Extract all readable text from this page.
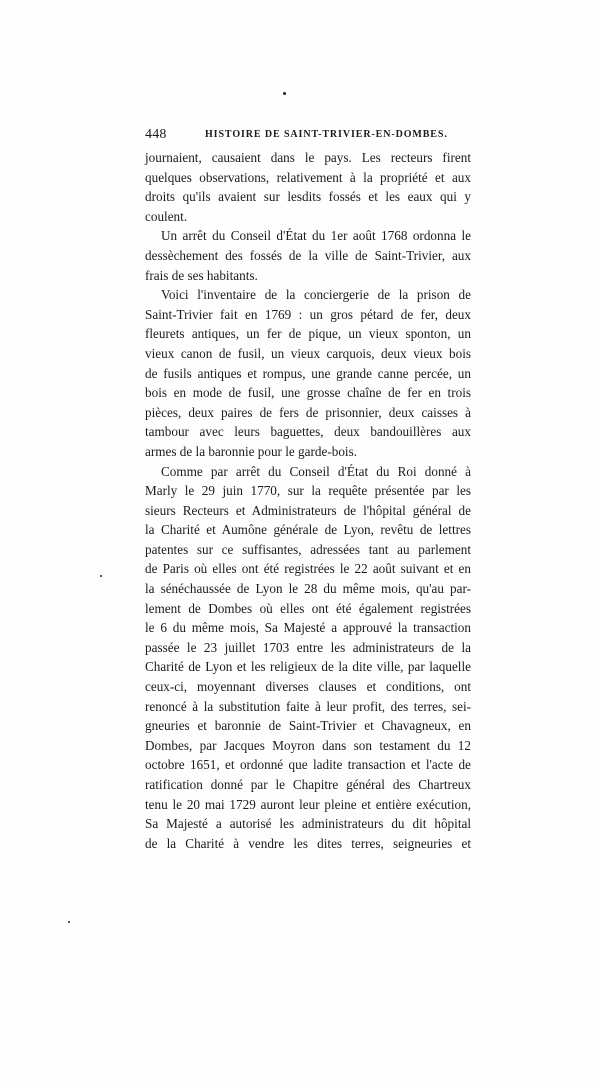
448	HISTOIRE DE SAINT-TRIVIER-EN-DOMBES.
journaient, causaient dans le pays. Les recteurs firent
quelques observations, relativement à la propriété et aux
droits qu'ils avaient sur lesdits fossés et les eaux qui y
coulent.
Un arrêt du Conseil d'État du 1er août 1768 ordonna le
dessèchement des fossés de la ville de Saint-Trivier, aux
frais de ses habitants.
Voici l'inventaire de la conciergerie de la prison de
Saint-Trivier fait en 1769 : un gros pétard de fer, deux
fleurets antiques, un fer de pique, un vieux sponton, un
vieux canon de fusil, un vieux carquois, deux vieux bois
de fusils antiques et rompus, une grande canne percée, un
bois en mode de fusil, une grosse chaîne de fer en trois
pièces, deux paires de fers de prisonnier, deux caisses à
tambour avec leurs baguettes, deux bandouillères aux
armes de la baronnie pour le garde-bois.
Comme par arrêt du Conseil d'État du Roi donné à
Marly le 29 juin 1770, sur la requête présentée par les
sieurs Recteurs et Administrateurs de l'hôpital général de
la Charité et Aumône générale de Lyon, revêtu de lettres
patentes sur ce suffisantes, adressées tant au parlement
de Paris où elles ont été registrées le 22 août suivant et en
la sénéchaussée de Lyon le 28 du même mois, qu'au par-
lement de Dombes où elles ont été également registrées
le 6 du même mois, Sa Majesté a approuvé la transaction
passée le 23 juillet 1703 entre les administrateurs de la
Charité de Lyon et les religieux de la dite ville, par laquelle
ceux-ci, moyennant diverses clauses et conditions, ont
renoncé à la substitution faite à leur profit, des terres, sei-
gneuries et baronnie de Saint-Trivier et Chavagneux, en
Dombes, par Jacques Moyron dans son testament du 12
octobre 1651, et ordonné que ladite transaction et l'acte de
ratification donné par le Chapitre général des Chartreux
tenu le 20 mai 1729 auront leur pleine et entière exécution,
Sa Majesté a autorisé les administrateurs du dit hôpital
de la Charité à vendre les dites terres, seigneuries et
